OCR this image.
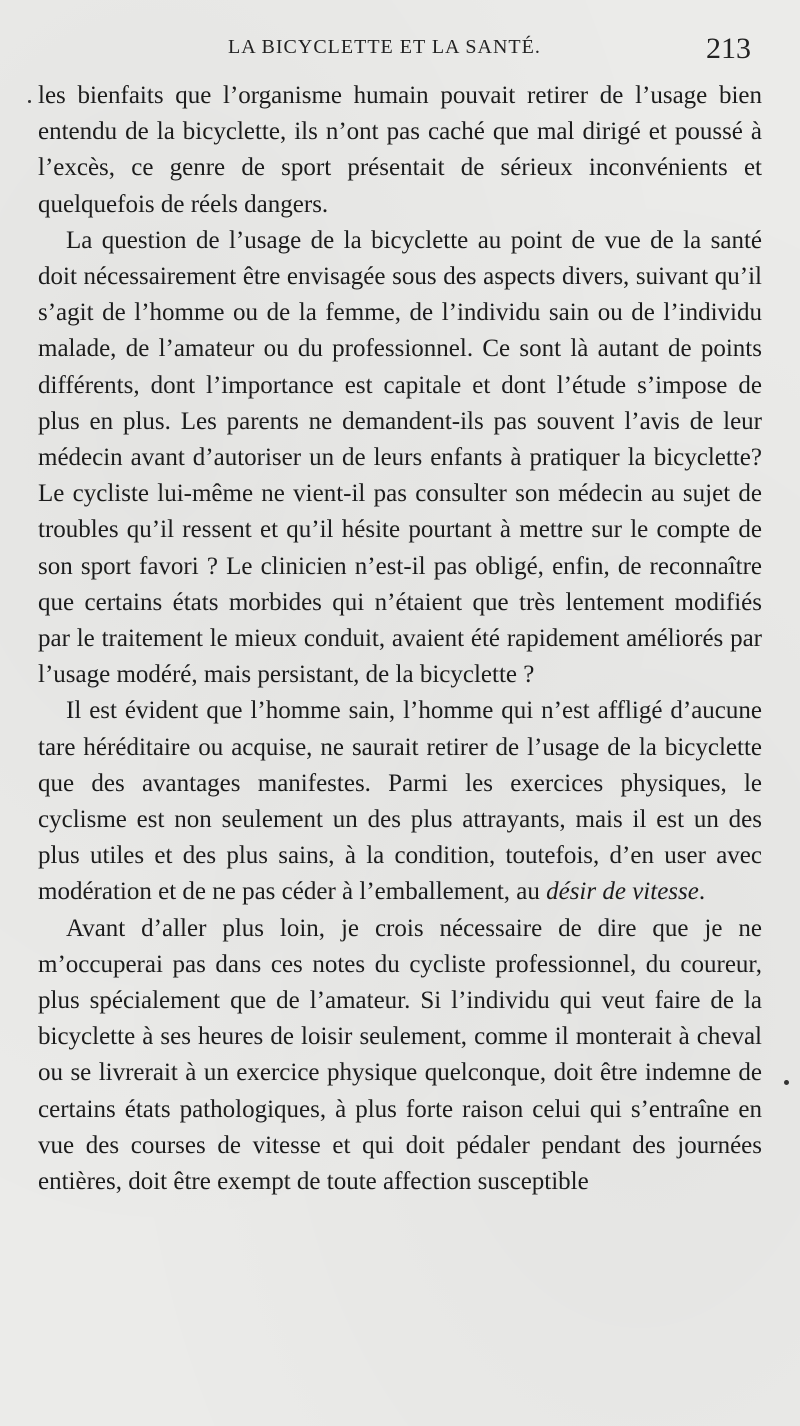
LA BICYCLETTE ET LA SANTÉ.	213

les bienfaits que l’organisme humain pouvait retirer de l’usage bien entendu de la bicyclette, ils n’ont pas caché que mal dirigé et poussé à l’excès, ce genre de sport présentait de sérieux inconvénients et quelquefois de réels dangers.

La question de l’usage de la bicyclette au point de vue de la santé doit nécessairement être envisagée sous des aspects divers, suivant qu’il s’agit de l’homme ou de la femme, de l’individu sain ou de l’individu malade, de l’amateur ou du professionnel. Ce sont là autant de points différents, dont l’importance est capitale et dont l’étude s’impose de plus en plus. Les parents ne demandent-ils pas souvent l’avis de leur médecin avant d’autoriser un de leurs enfants à pratiquer la bicyclette? Le cycliste lui-même ne vient-il pas consulter son médecin au sujet de troubles qu’il ressent et qu’il hésite pourtant à mettre sur le compte de son sport favori ? Le clinicien n’est-il pas obligé, enfin, de reconnaître que certains états morbides qui n’étaient que très lentement modifiés par le traitement le mieux conduit, avaient été rapidement améliorés par l’usage modéré, mais persistant, de la bicyclette ?

Il est évident que l’homme sain, l’homme qui n’est affligé d’aucune tare héréditaire ou acquise, ne saurait retirer de l’usage de la bicyclette que des avantages manifestes. Parmi les exercices physiques, le cyclisme est non seulement un des plus attrayants, mais il est un des plus utiles et des plus sains, à la condition, toutefois, d’en user avec modération et de ne pas céder à l’emballement, au désir de vitesse.

Avant d’aller plus loin, je crois nécessaire de dire que je ne m’occuperai pas dans ces notes du cycliste professionnel, du coureur, plus spécialement que de l’amateur. Si l’individu qui veut faire de la bicyclette à ses heures de loisir seulement, comme il monterait à cheval ou se livrerait à un exercice physique quelconque, doit être indemne de certains états pathologiques, à plus forte raison celui qui s’entraîne en vue des courses de vitesse et qui doit pédaler pendant des journées entières, doit être exempt de toute affection susceptible
